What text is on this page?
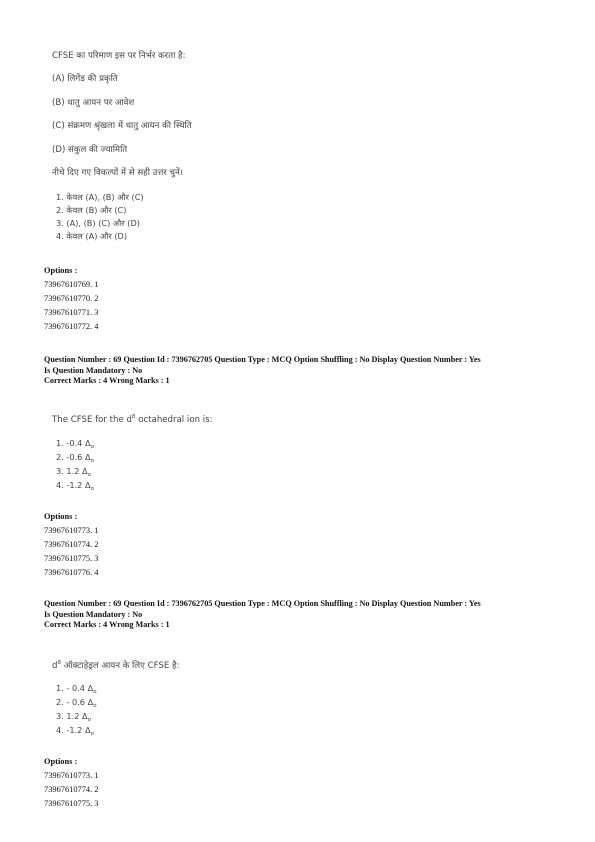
CFSE का परिमाण इस पर निर्भर करता है:
(A) लिगेंड की प्रकृति
(B) धातु आयन पर आवेश
(C) संक्रमण श्रृंखला में धातु आयन की स्थिति
(D) संकुल की ज्यामिति
नीचे दिए गए विकल्पों में से सही उत्तर चुनें।
1. केवल (A), (B) और (C)
2. केवल (B) और (C)
3. (A), (B) (C) और (D)
4. केवल (A) और (D)
Options :
73967610769. 1
73967610770. 2
73967610771. 3
73967610772. 4
Question Number : 69 Question Id : 7396762705 Question Type : MCQ Option Shuffling : No Display Question Number : Yes
Is Question Mandatory : No
Correct Marks : 4 Wrong Marks : 1
The CFSE for the $d^8$ octahedral ion is:
1. -0.4 $\Delta_o$
2. -0.6 $\Delta_o$
3. 1.2 $\Delta_o$
4. -1.2 $\Delta_o$
Options :
73967610773. 1
73967610774. 2
73967610775. 3
73967610776. 4
Question Number : 69 Question Id : 7396762705 Question Type : MCQ Option Shuffling : No Display Question Number : Yes
Is Question Mandatory : No
Correct Marks : 4 Wrong Marks : 1
$d^8$ ऑक्टाहेड्रल आयन के लिए CFSE है:
1. - 0.4 $\Delta_o$
2. - 0.6 $\Delta_o$
3. 1.2 $\Delta_o$
4. -1.2 $\Delta_o$
Options :
73967610773. 1
73967610774. 2
73967610775. 3
